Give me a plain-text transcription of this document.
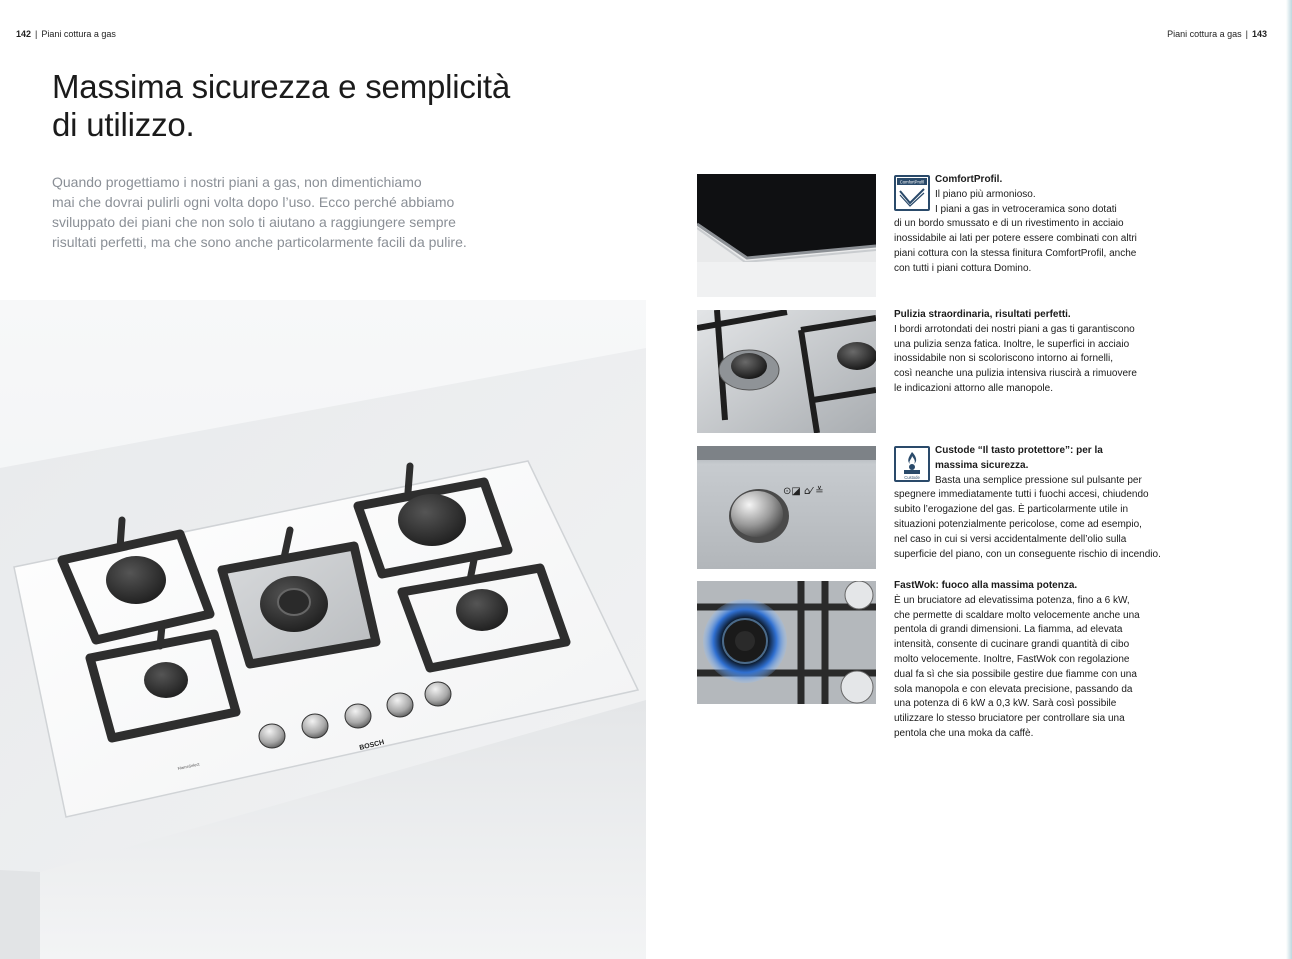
142 | Piani cottura a gas	Piani cottura a gas | 143
Massima sicurezza e semplicità
di utilizzo.

Quando progettiamo i nostri piani a gas, non dimentichiamo
mai che dovrai pulirli ogni volta dopo l’uso. Ecco perché abbiamo
sviluppato dei piani che non solo ti aiutano a raggiungere sempre
risultati perfetti, ma che sono anche particolarmente facili da pulire.

BOSCH
FlameSelect
ComfortProfil	ComfortProfil.
Il piano più armonioso.
I piani a gas in vetroceramica sono dotati
di un bordo smussato e di un rivestimento in acciaio
inossidabile ai lati per potere essere combinati con altri
piani cottura con la stessa finitura ComfortProfil, anche
con tutti i piani cottura Domino.
Pulizia straordinaria, risultati perfetti.
I bordi arrotondati dei nostri piani a gas ti garantiscono
una pulizia senza fatica. Inoltre, le superfici in acciaio
inossidabile non si scoloriscono intorno ai fornelli,
così neanche una pulizia intensiva riuscirà a rimuovere
le indicazioni attorno alle manopole.
⊙◪ ⌂⁄ ≚
Custode
Custode “Il tasto protettore”: per la
massima sicurezza.
Basta una semplice pressione sul pulsante per
spegnere immediatamente tutti i fuochi accesi, chiudendo
subito l’erogazione del gas. È particolarmente utile in
situazioni potenzialmente pericolose, come ad esempio,
nel caso in cui si versi accidentalmente dell’olio sulla
superficie del piano, con un conseguente rischio di incendio.
FastWok: fuoco alla massima potenza.
È un bruciatore ad elevatissima potenza, fino a 6 kW,
che permette di scaldare molto velocemente anche una
pentola di grandi dimensioni. La fiamma, ad elevata
intensità, consente di cucinare grandi quantità di cibo
molto velocemente. Inoltre, FastWok con regolazione
dual fa sì che sia possibile gestire due fiamme con una
sola manopola e con elevata precisione, passando da
una potenza di 6 kW a 0,3 kW. Sarà così possibile
utilizzare lo stesso bruciatore per controllare sia una
pentola che una moka da caffè.
